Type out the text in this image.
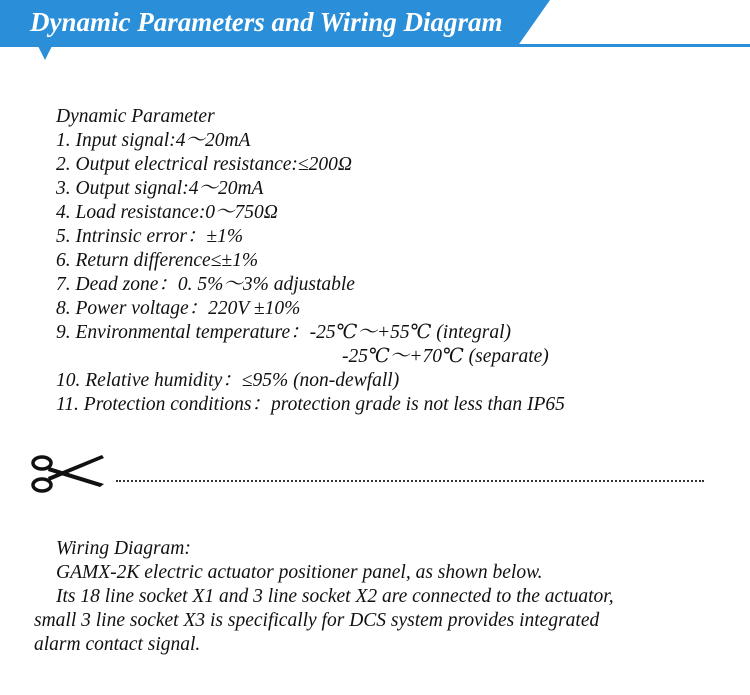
Dynamic Parameters and Wiring Diagram
Dynamic Parameter
1. Input signal:4～20mA
2. Output electrical resistance:≤200Ω
3. Output signal:4～20mA
4. Load resistance:0～750Ω
5. Intrinsic error：±1%
6. Return difference≤±1%
7. Dead zone：0. 5%～3% adjustable
8. Power voltage：220V ±10%
9. Environmental temperature：-25℃～+55℃ (integral)
-25℃～+70℃ (separate)
10. Relative humidity：≤95% (non-dewfall)
11. Protection conditions：protection grade is not less than IP65
Wiring Diagram:
GAMX-2K electric actuator positioner panel, as shown below.
Its 18 line socket X1 and 3 line socket X2 are connected to the actuator,
small 3 line socket X3 is specifically for DCS system provides integrated
alarm contact signal.
